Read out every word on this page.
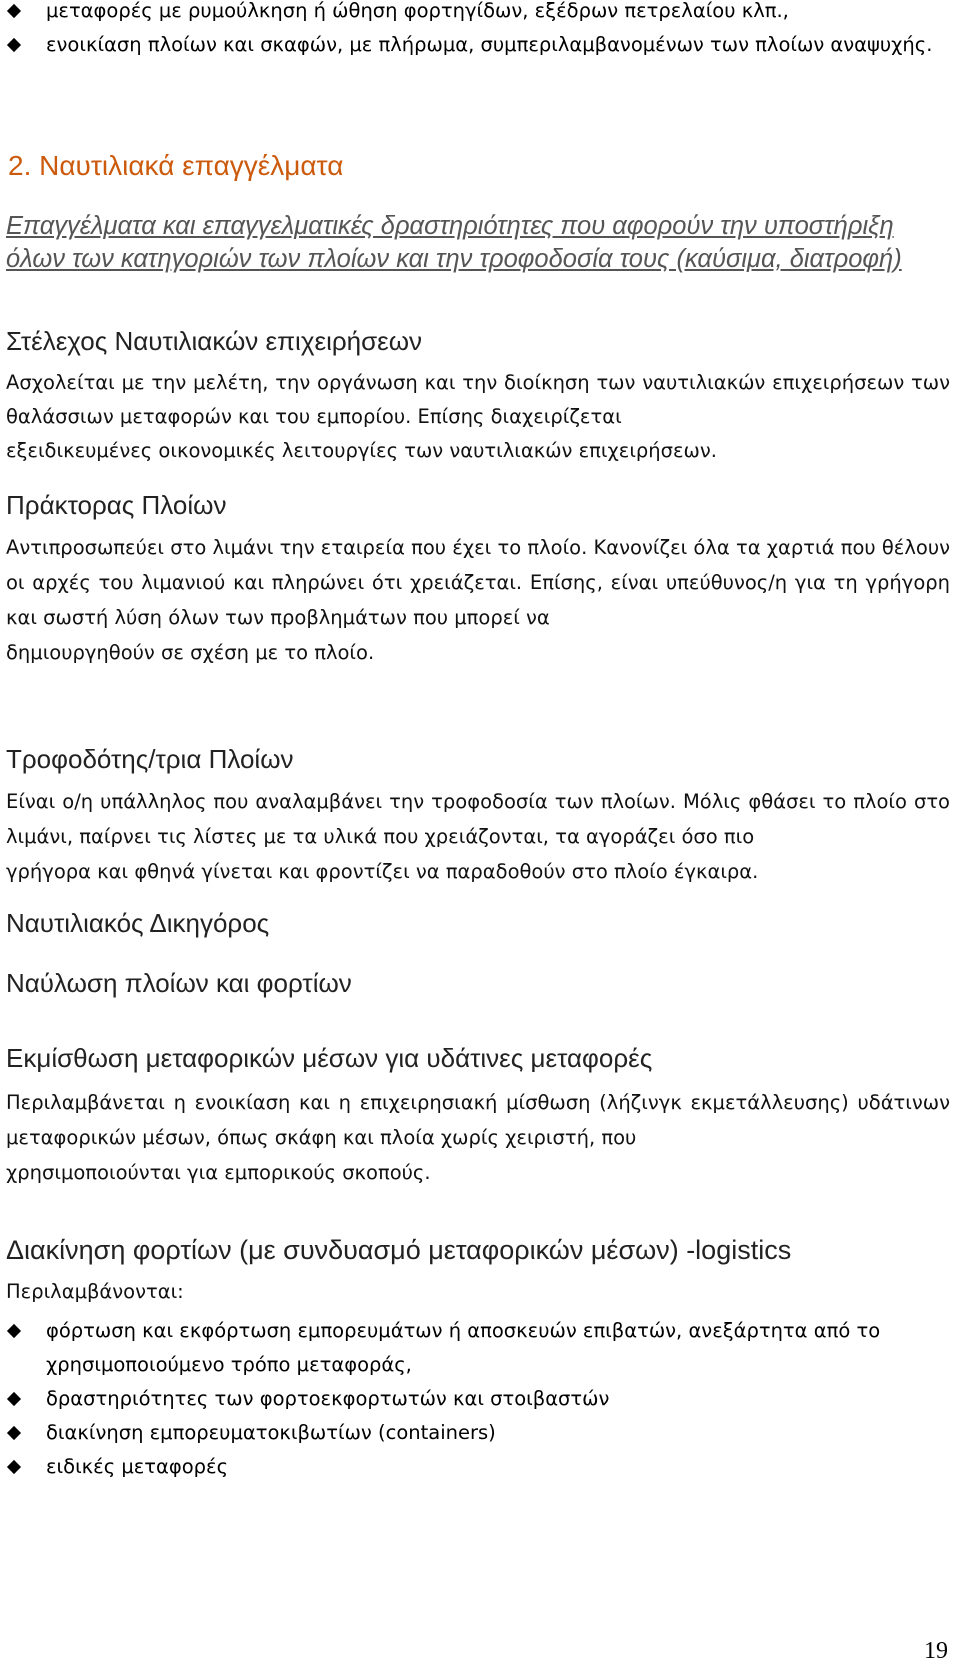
μεταφορές με ρυμούλκηση ή ώθηση φορτηγίδων, εξέδρων πετρελαίου κλπ.,
ενοικίαση πλοίων και σκαφών, με πλήρωμα, συμπεριλαμβανομένων των πλοίων αναψυχής.
2. Ναυτιλιακά επαγγέλματα

Επαγγέλματα και επαγγελματικές δραστηριότητες που αφορούν την υποστήριξη όλων των κατηγοριών των πλοίων και την τροφοδοσία τους (καύσιμα, διατροφή)

Στέλεχος Ναυτιλιακών επιχειρήσεων

Ασχολείται με την μελέτη, την οργάνωση και την διοίκηση των ναυτιλιακών επιχειρήσεων των θαλάσσιων μεταφορών και του εμπορίου. Επίσης διαχειρίζεται
εξειδικευμένες οικονομικές λειτουργίες των ναυτιλιακών επιχειρήσεων.

Πράκτορας Πλοίων

Αντιπροσωπεύει στο λιμάνι την εταιρεία που έχει το πλοίο. Κανονίζει όλα τα χαρτιά που θέλουν οι αρχές του λιμανιού και πληρώνει ότι χρειάζεται. Επίσης, είναι υπεύθυνος/η για τη γρήγορη και σωστή λύση όλων των προβλημάτων που μπορεί να
δημιουργηθούν σε σχέση με το πλοίο.

Τροφοδότης/τρια Πλοίων

Είναι ο/η υπάλληλος που αναλαμβάνει την τροφοδοσία των πλοίων. Μόλις φθάσει το πλοίο στο λιμάνι, παίρνει τις λίστες με τα υλικά που χρειάζονται, τα αγοράζει όσο πιο
γρήγορα και φθηνά γίνεται και φροντίζει να παραδοθούν στο πλοίο έγκαιρα.

Ναυτιλιακός Δικηγόρος
Ναύλωση πλοίων και φορτίων
Εκμίσθωση μεταφορικών μέσων για υδάτινες μεταφορές

Περιλαμβάνεται η ενοικίαση και η επιχειρησιακή μίσθωση (λήζινγκ εκμετάλλευσης) υδάτινων μεταφορικών μέσων, όπως σκάφη και πλοία χωρίς χειριστή, που
χρησιμοποιούνται για εμπορικούς σκοπούς.

Διακίνηση φορτίων (με συνδυασμό μεταφορικών μέσων) -logistics

Περιλαμβάνονται:

φόρτωση και εκφόρτωση εμπορευμάτων ή αποσκευών επιβατών, ανεξάρτητα από το χρησιμοποιούμενο τρόπο μεταφοράς,
δραστηριότητες των φορτοεκφορτωτών και στοιβαστών
διακίνηση εμπορευματοκιβωτίων (containers)
ειδικές μεταφορές
19
